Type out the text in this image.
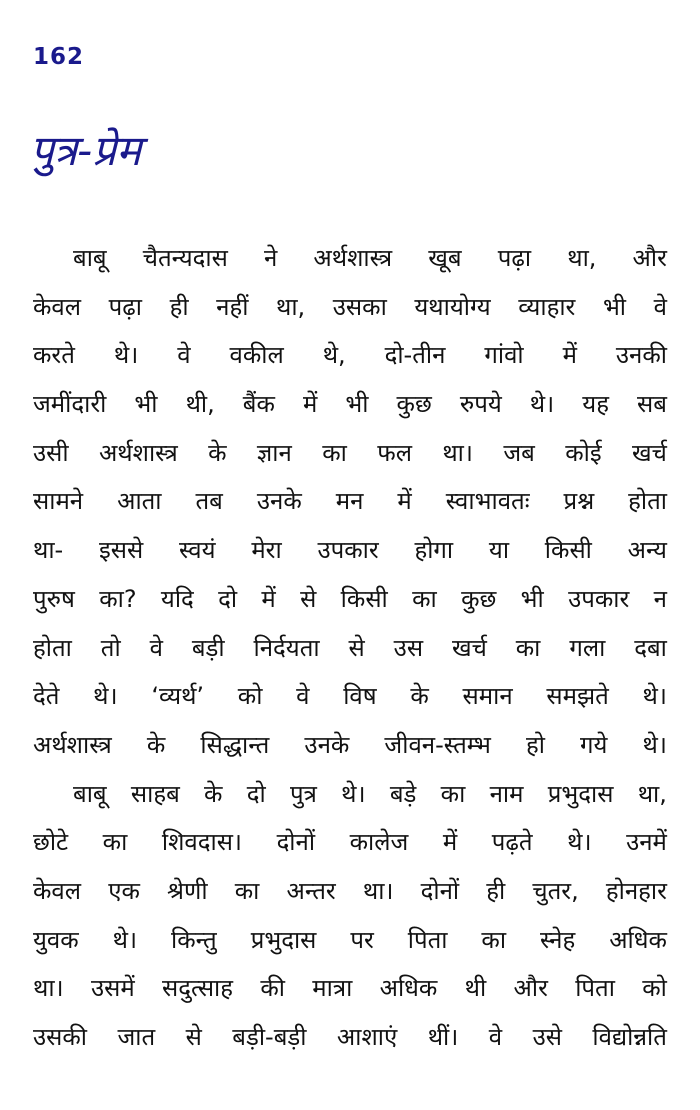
162
पुत्र-प्रेम
बाबू चैतन्यदास ने अर्थशास्त्र खूब पढ़ा था, और
केवल पढ़ा ही नहीं था, उसका यथायोग्य व्याहार भी वे
करते थे। वे वकील थे, दो-तीन गांवो में उनकी
जमींदारी भी थी, बैंक में भी कुछ रुपये थे। यह सब
उसी अर्थशास्त्र के ज्ञान का फल था। जब कोई खर्च
सामने आता तब उनके मन में स्वाभावतः प्रश्न होता
था- इससे स्वयं मेरा उपकार होगा या किसी अन्य
पुरुष का? यदि दो में से किसी का कुछ भी उपकार न
होता तो वे बड़ी निर्दयता से उस खर्च का गला दबा
देते थे। ‘व्यर्थ’ को वे विष के समान समझते थे।
अर्थशास्त्र के सिद्धान्त उनके जीवन-स्तम्भ हो गये थे।
बाबू साहब के दो पुत्र थे। बड़े का नाम प्रभुदास था,
छोटे का शिवदास। दोनों कालेज में पढ़ते थे। उनमें
केवल एक श्रेणी का अन्तर था। दोनों ही चुतर, होनहार
युवक थे। किन्तु प्रभुदास पर पिता का स्नेह अधिक
था। उसमें सदुत्साह की मात्रा अधिक थी और पिता को
उसकी जात से बड़ी-बड़ी आशाएं थीं। वे उसे विद्योन्नति
